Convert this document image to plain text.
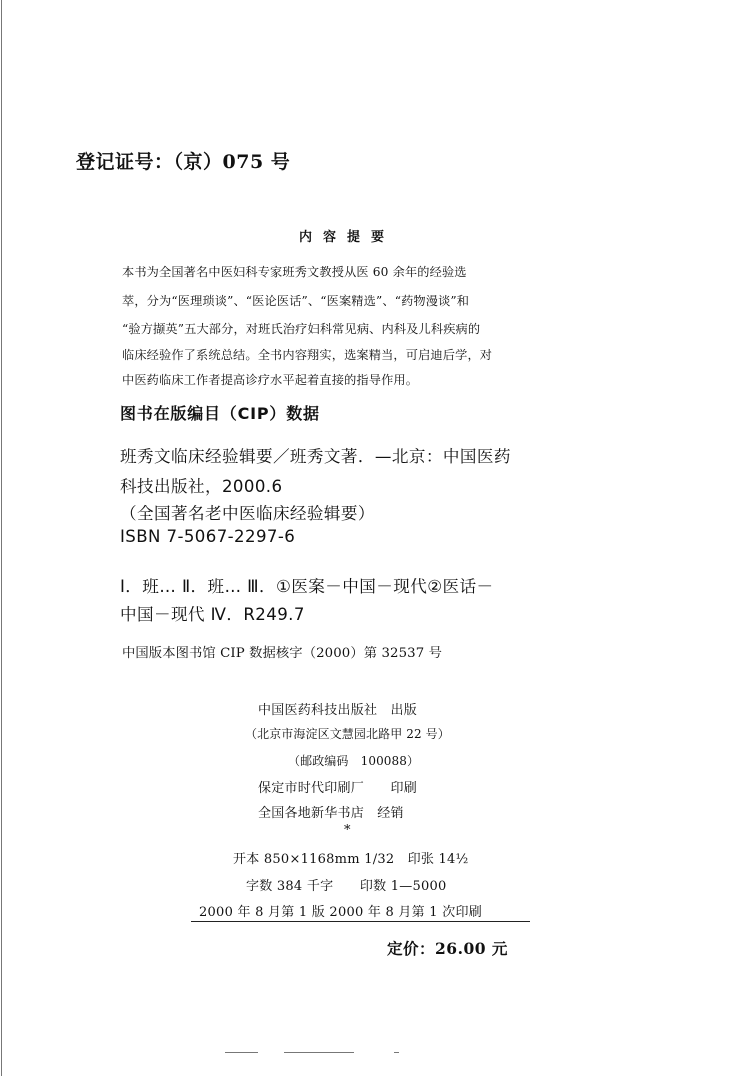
登记证号：（京）075 号
内容提要
本书为全国著名中医妇科专家班秀文教授从医 60 余年的经验选
萃，分为“医理琐谈”、“医论医话”、“医案精选”、“药物漫谈”和
“验方撷英”五大部分，对班氏治疗妇科常见病、内科及儿科疾病的
临床经验作了系统总结。全书内容翔实，选案精当，可启迪后学，对
中医药临床工作者提高诊疗水平起着直接的指导作用。
图书在版编目（CIP）数据
班秀文临床经验辑要／班秀文著．—北京：中国医药
科技出版社，2000.6
（全国著名老中医临床经验辑要）
ISBN 7-5067-2297-6
Ⅰ．班… Ⅱ．班… Ⅲ．①医案－中国－现代②医话－
中国－现代 Ⅳ．R249.7
中国版本图书馆 CIP 数据核字（2000）第 32537 号
中国医药科技出版社　出版
（北京市海淀区文慧园北路甲 22 号）
（邮政编码　100088）
保定市时代印刷厂　　印刷
全国各地新华书店　经销
*
开本 850×1168mm 1/32　印张 14½
字数 384 千字　　印数 1—5000
2000 年 8 月第 1 版 2000 年 8 月第 1 次印刷
定价：26.00 元
